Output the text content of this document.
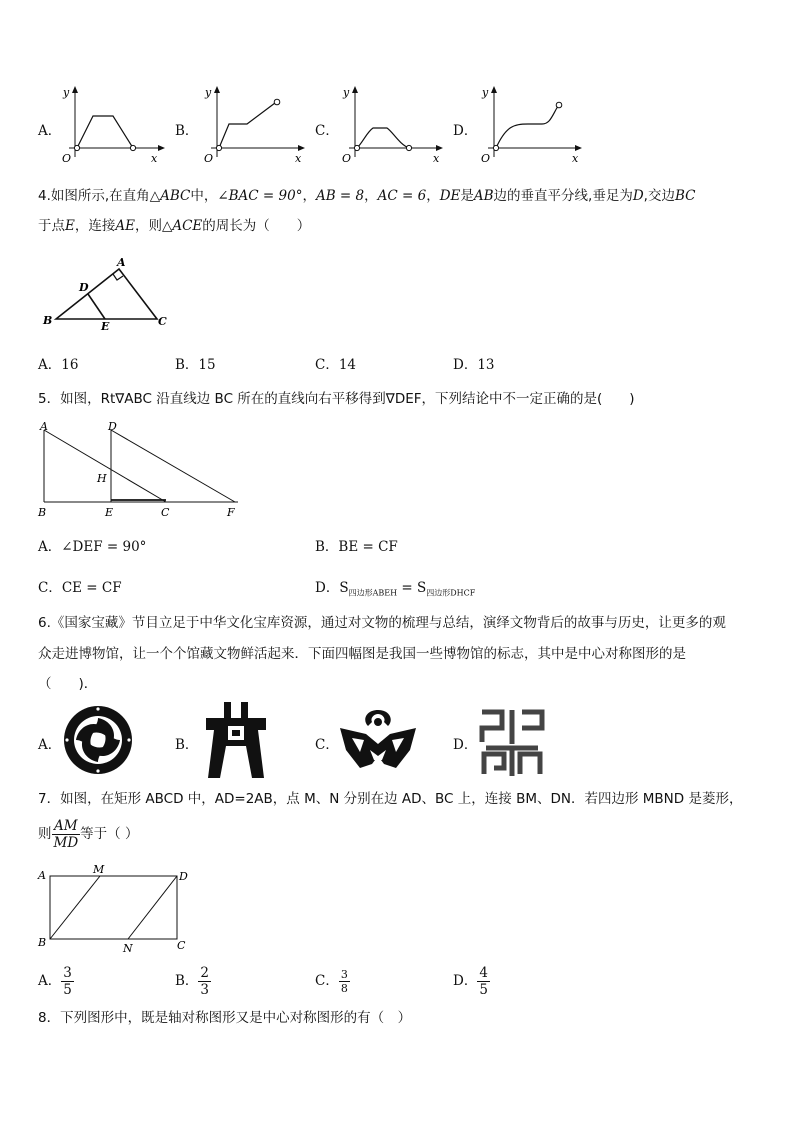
A．	B．	C．	D．
y
O	x
y
O	x
y
O	x
y
O	x
4.如图所示,在直角△ABC中，∠BAC = 90°，AB = 8，AC = 6，DE是AB边的垂直平分线,垂足为D,交边BC
于点E，连接AE，则△ACE的周长为（　　）
A
D
B	E	C
A．16	B．15	C．14	D．13
5．如图，Rt∇ABC 沿直线边 BC 所在的直线向右平移得到∇DEF，下列结论中不一定正确的是(　　)
A	D
H
B	E	C	F
A．∠DEF = 90°	B．BE = CF
C．CE = CF	D．$S_{四边形ABEH} = S_{四边形DHCF}$
6.《国家宝藏》节目立足于中华文化宝库资源，通过对文物的梳理与总结，演绎文物背后的故事与历史，让更多的观
众走进博物馆，让一个个馆藏文物鲜活起来．下面四幅图是我国一些博物馆的标志，其中是中心对称图形的是
（　　)．
A．	B．	C．	D．
7．如图，在矩形 ABCD 中，AD=2AB，点 M、N 分别在边 AD、BC 上，连接 BM、DN．若四边形 MBND 是菱形，
则 $\frac{AM}{MD}$ 等于（ ）
A	M
D
B	N	C
A． $\frac{3}{5}$	B． $\frac{2}{3}$	C． $\frac{3}{8}$	D． $\frac{4}{5}$
8．下列图形中，既是轴对称图形又是中心对称图形的有（　）
